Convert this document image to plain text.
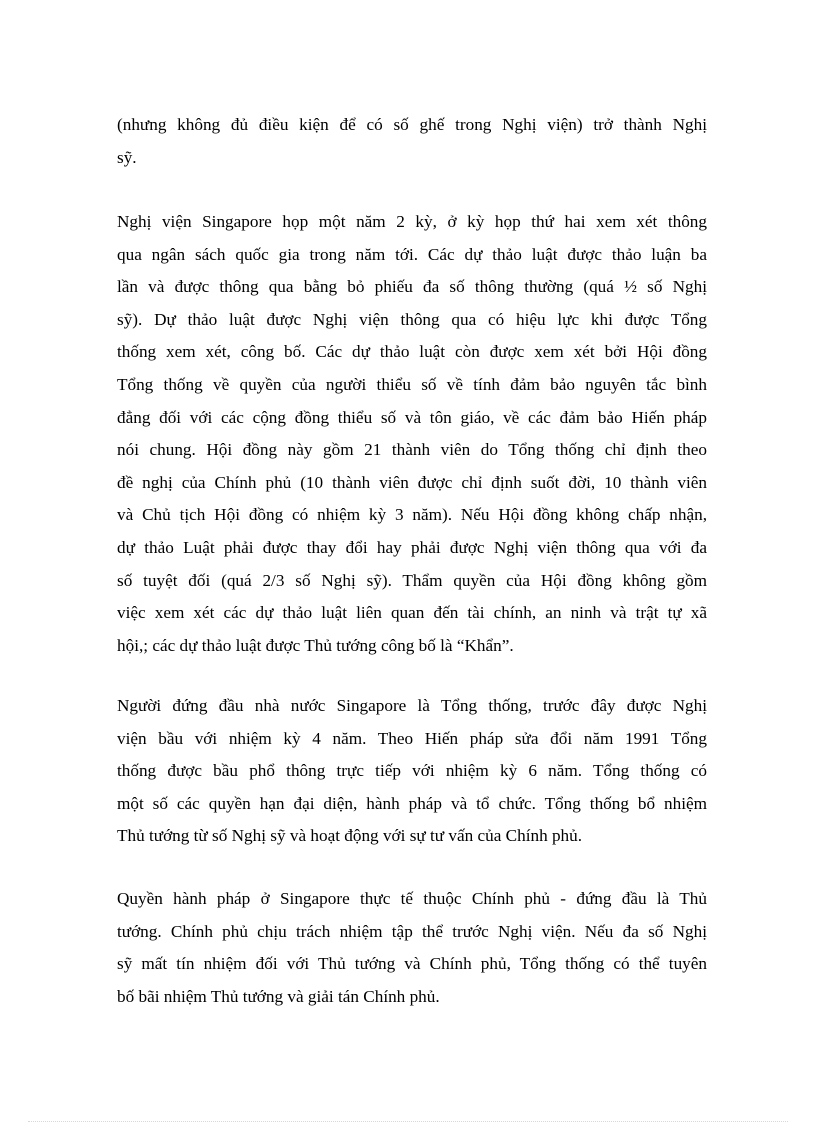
(nhưng không đủ điều kiện để có số ghế trong Nghị viện) trở thành Nghị
sỹ.

Nghị viện Singapore họp một năm 2 kỳ, ở kỳ họp thứ hai xem xét thông
qua ngân sách quốc gia trong năm tới. Các dự thảo luật được thảo luận ba
lần và được thông qua bằng bỏ phiếu đa số thông thường (quá ½ số Nghị
sỹ). Dự thảo luật được Nghị viện thông qua có hiệu lực khi được Tổng
thống xem xét, công bố. Các dự thảo luật còn được xem xét bởi Hội đồng
Tổng thống về quyền của người thiểu số về tính đảm bảo nguyên tắc bình
đẳng đối với các cộng đồng thiểu số và tôn giáo, về các đảm bảo Hiến pháp
nói chung. Hội đồng này gồm 21 thành viên do Tổng thống chỉ định theo
đề nghị của Chính phủ (10 thành viên được chỉ định suốt đời, 10 thành viên
và Chủ tịch Hội đồng có nhiệm kỳ 3 năm). Nếu Hội đồng không chấp nhận,
dự thảo Luật phải được thay đổi hay phải được Nghị viện thông qua với đa
số tuyệt đối (quá 2/3 số Nghị sỹ). Thẩm quyền của Hội đồng không gồm
việc xem xét các dự thảo luật liên quan đến tài chính, an ninh và trật tự xã
hội,; các dự thảo luật được Thủ tướng công bố là “Khẩn”.

Người đứng đầu nhà nước Singapore là Tổng thống, trước đây được Nghị
viện bầu với nhiệm kỳ 4 năm. Theo Hiến pháp sửa đổi năm 1991 Tổng
thống được bầu phổ thông trực tiếp với nhiệm kỳ 6 năm. Tổng thống có
một số các quyền hạn đại diện, hành pháp và tổ chức. Tổng thống bổ nhiệm
Thủ tướng từ số Nghị sỹ và hoạt động với sự tư vấn của Chính phủ.

Quyền hành pháp ở Singapore thực tế thuộc Chính phủ - đứng đầu là Thủ
tướng. Chính phủ chịu trách nhiệm tập thể trước Nghị viện. Nếu đa số Nghị
sỹ mất tín nhiệm đối với Thủ tướng và Chính phủ, Tổng thống có thể tuyên
bố bãi nhiệm Thủ tướng và giải tán Chính phủ.
